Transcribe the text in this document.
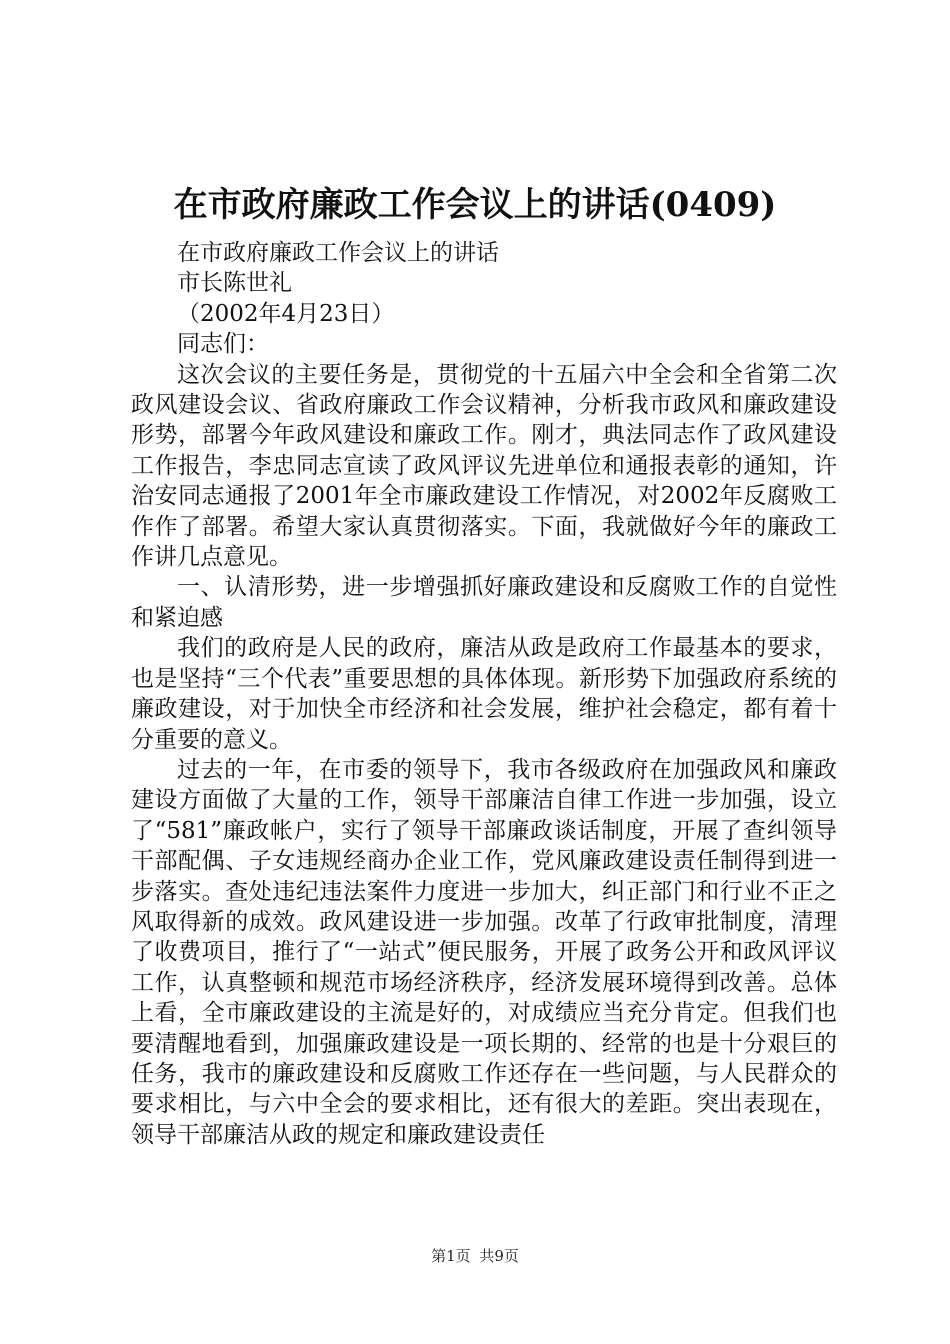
在市政府廉政工作会议上的讲话(0409)

在市政府廉政工作会议上的讲话

市长陈世礼

（2002年4月23日）

同志们：

这次会议的主要任务是，贯彻党的十五届六中全会和全省第二次政风建设会议、省政府廉政工作会议精神，分析我市政风和廉政建设形势，部署今年政风建设和廉政工作。刚才，典法同志作了政风建设工作报告，李忠同志宣读了政风评议先进单位和通报表彰的通知，许治安同志通报了2001年全市廉政建设工作情况，对2002年反腐败工作作了部署。希望大家认真贯彻落实。下面，我就做好今年的廉政工作讲几点意见。

一、认清形势，进一步增强抓好廉政建设和反腐败工作的自觉性和紧迫感

我们的政府是人民的政府，廉洁从政是政府工作最基本的要求，也是坚持“三个代表”重要思想的具体体现。新形势下加强政府系统的廉政建设，对于加快全市经济和社会发展，维护社会稳定，都有着十分重要的意义。

过去的一年，在市委的领导下，我市各级政府在加强政风和廉政建设方面做了大量的工作，领导干部廉洁自律工作进一步加强，设立了“581”廉政帐户，实行了领导干部廉政谈话制度，开展了查纠领导干部配偶、子女违规经商办企业工作，党风廉政建设责任制得到进一步落实。查处违纪违法案件力度进一步加大，纠正部门和行业不正之风取得新的成效。政风建设进一步加强。改革了行政审批制度，清理了收费项目，推行了“一站式”便民服务，开展了政务公开和政风评议工作，认真整顿和规范市场经济秩序，经济发展环境得到改善。总体上看，全市廉政建设的主流是好的，对成绩应当充分肯定。但我们也要清醒地看到，加强廉政建设是一项长期的、经常的也是十分艰巨的任务，我市的廉政建设和反腐败工作还存在一些问题，与人民群众的要求相比，与六中全会的要求相比，还有很大的差距。突出表现在，领导干部廉洁从政的规定和廉政建设责任

第1页 共9页
